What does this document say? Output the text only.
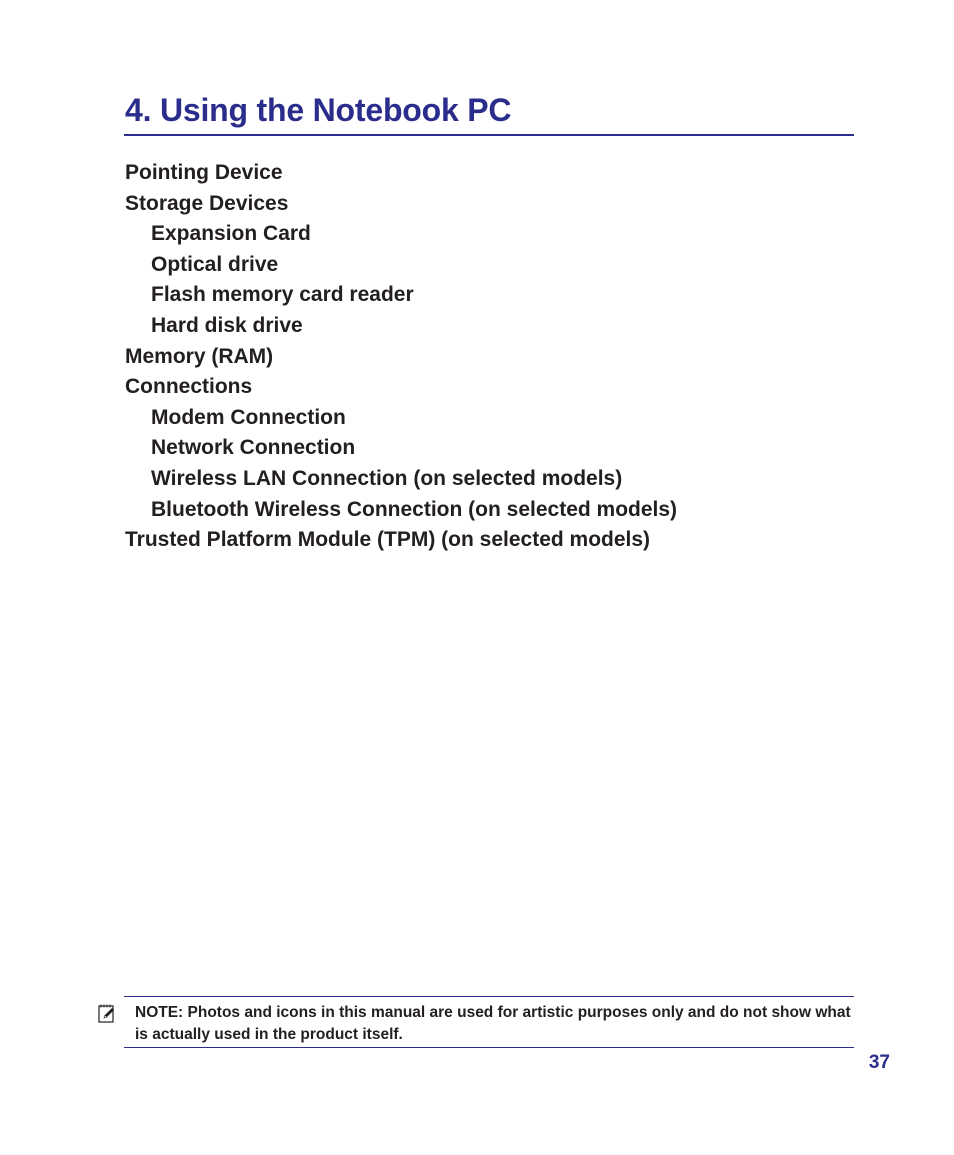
4. Using the Notebook PC
Pointing Device
Storage Devices
Expansion Card
Optical drive
Flash memory card reader
Hard disk drive
Memory (RAM)
Connections
Modem Connection
Network Connection
Wireless LAN Connection (on selected models)
Bluetooth Wireless Connection (on selected models)
Trusted Platform Module (TPM) (on selected models)

NOTE: Photos and icons in this manual are used for artistic purposes only and do not show what is actually used in the product itself.

37
